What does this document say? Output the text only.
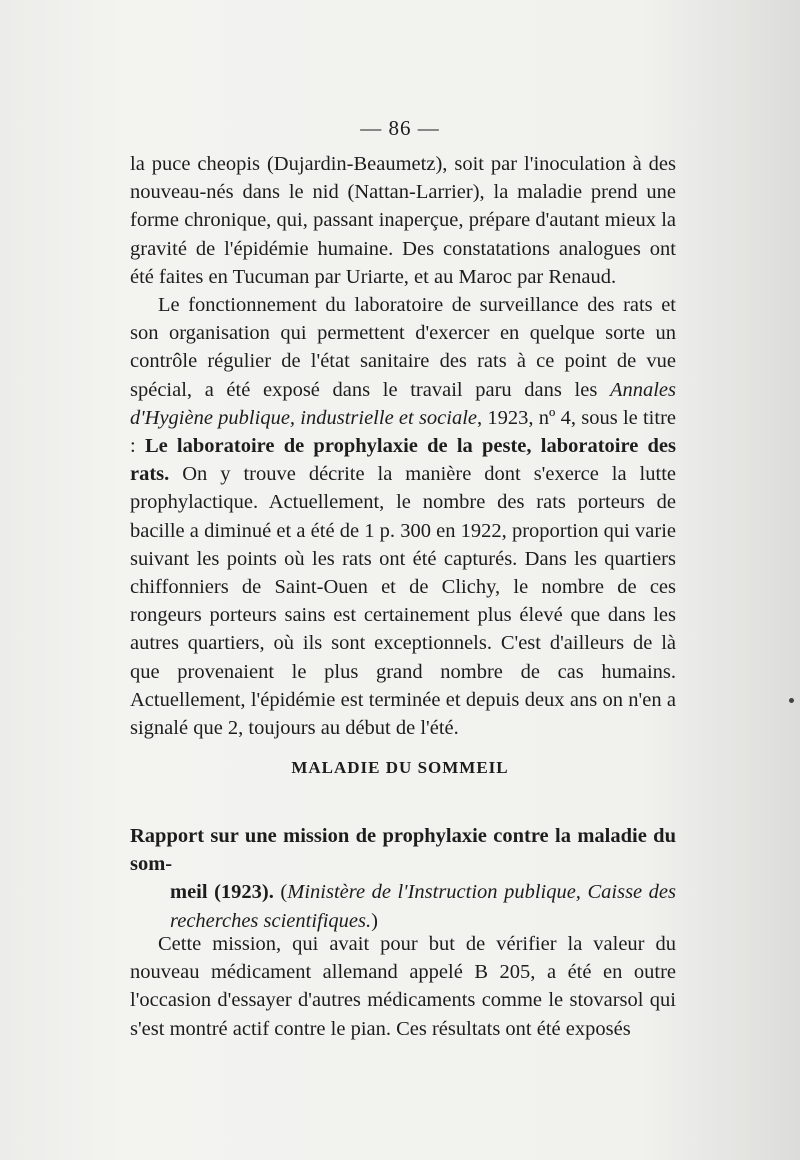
— 86 —

la puce cheopis (Dujardin-Beaumetz), soit par l'inoculation à des nouveau-nés dans le nid (Nattan-Larrier), la maladie prend une forme chronique, qui, passant inaperçue, prépare d'autant mieux la gravité de l'épidémie humaine. Des constatations analogues ont été faites en Tucuman par Uriarte, et au Maroc par Renaud.

Le fonctionnement du laboratoire de surveillance des rats et son organisation qui permettent d'exercer en quelque sorte un contrôle régulier de l'état sanitaire des rats à ce point de vue spécial, a été exposé dans le travail paru dans les Annales d'Hygiène publique, industrielle et sociale, 1923, nº 4, sous le titre : Le laboratoire de prophylaxie de la peste, laboratoire des rats. On y trouve décrite la manière dont s'exerce la lutte prophylactique. Actuellement, le nombre des rats porteurs de bacille a diminué et a été de 1 p. 300 en 1922, proportion qui varie suivant les points où les rats ont été capturés. Dans les quartiers chiffonniers de Saint-Ouen et de Clichy, le nombre de ces rongeurs porteurs sains est certainement plus élevé que dans les autres quartiers, où ils sont exceptionnels. C'est d'ailleurs de là que provenaient le plus grand nombre de cas humains. Actuellement, l'épidémie est terminée et depuis deux ans on n'en a signalé que 2, toujours au début de l'été.

MALADIE DU SOMMEIL
Rapport sur une mission de prophylaxie contre la maladie du som-
meil (1923). (Ministère de l'Instruction publique, Caisse des recherches scientifiques.)

Cette mission, qui avait pour but de vérifier la valeur du nouveau médicament allemand appelé B 205, a été en outre l'occasion d'essayer d'autres médicaments comme le stovarsol qui s'est montré actif contre le pian. Ces résultats ont été exposés
